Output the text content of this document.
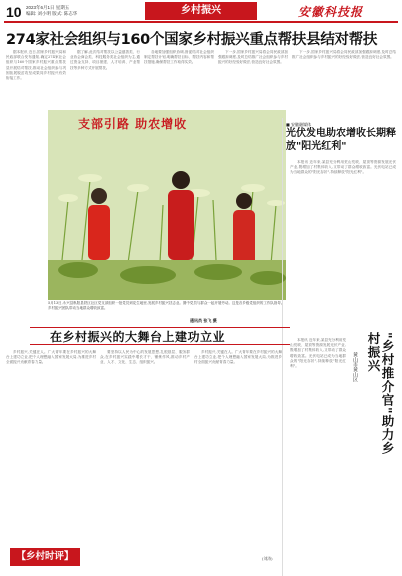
10 2023年6月1日 星期五
编辑: 刘小明 版式: 陈志华	乡村振兴	安徽科技报
274家社会组织与160个国家乡村振兴重点帮扶县结对帮扶

据本报讯 近日,国家乡村振兴局和民政部联合发布通知,确定274家社会组织与160个国家乡村振兴重点帮扶县开展结对帮扶,推动社会组织参与巩固拓展脱贫攻坚成果同乡村振兴有效衔接工作。

据了解,此次结对帮扶以公益慈善类、行业协会商会类、科技服务类社会组织为主,通过资金支持、项目援建、人才培训、产业帮扶等多种方式开展帮扶。

各地要加强组织协调,督促结对社会组织制定帮扶计划,明确帮扶目标、帮扶内容和帮扶措施,确保帮扶工作取得实效。

下一步,国家乡村振兴局将会同民政部加强跟踪调度,及时总结推广社会组织参与乡村振兴的好经验好做法,营造良好社会氛围。

下一步,国家乡村振兴局将会同民政部加强跟踪调度,及时总结推广社会组织参与乡村振兴的好经验好做法,营造良好社会氛围。

支部引路 助农增收
5月13日,永兴县枞阳县铁区社区党支部组织一批党员到花生地里,发展乡村振兴扶志业。图中党员与群众一起开展劳动。这是各乡级党组织的工作队指导。乡村振兴团队带动当地群众增收致富。
通讯员 张飞 摄
■ 安徽融媒体
光伏发电助农增收长期释放"阳光红利"

本报讯 近年来,某县充分利用荒山荒坡、屋顶等资源发展光伏产业,既增加了村集体收入,又带动了群众增收致富。光伏电站已成为当地群众的"阳光存折",持续释放"阳光红利"。

本报讯 近年来,某县充分利用荒山荒坡、屋顶等资源发展光伏产业,既增加了村集体收入,又带动了群众增收致富。光伏电站已成为当地群众的"阳光存折",持续释放"阳光红利"。	黄山市黄山区	"乡村推介官"助力乡村振兴
在乡村振兴的大舞台上建功立业

乡村振兴,关键在人。广大青年要在乡村振兴的大舞台上建功立业,把个人理想融入国家发展大局,为推进乡村全面振兴贡献青春力量。

要坚持以人民为中心的发展思想,扎根基层、服务群众,在乡村振兴实践中增长才干、锤炼作风,推动乡村产业、人才、文化、生态、组织振兴。

乡村振兴,关键在人。广大青年要在乡村振兴的大舞台上建功立业,把个人理想融入国家发展大局,为推进乡村全面振兴贡献青春力量。

【乡村时评】	(刘涛)
